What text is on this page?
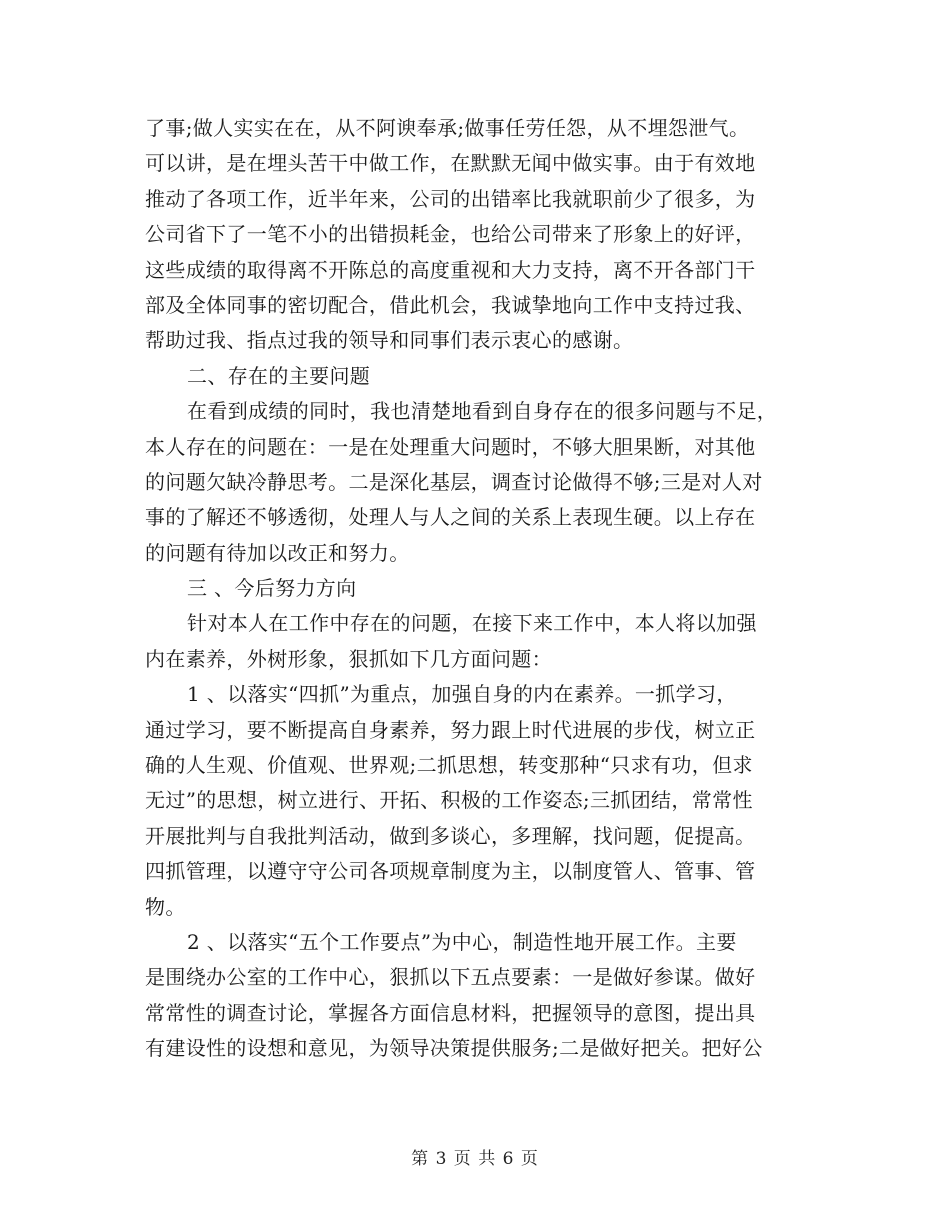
了事;做人实实在在，从不阿谀奉承;做事任劳任怨，从不埋怨泄气。
可以讲，是在埋头苦干中做工作，在默默无闻中做实事。由于有效地
推动了各项工作，近半年来，公司的出错率比我就职前少了很多，为
公司省下了一笔不小的出错损耗金，也给公司带来了形象上的好评，
这些成绩的取得离不开陈总的高度重视和大力支持，离不开各部门干
部及全体同事的密切配合，借此机会，我诚挚地向工作中支持过我、
帮助过我、指点过我的领导和同事们表示衷心的感谢。
二、存在的主要问题
在看到成绩的同时，我也清楚地看到自身存在的很多问题与不足，
本人存在的问题在：一是在处理重大问题时，不够大胆果断，对其他
的问题欠缺冷静思考。二是深化基层，调查讨论做得不够;三是对人对
事的了解还不够透彻，处理人与人之间的关系上表现生硬。以上存在
的问题有待加以改正和努力。
三 、今后努力方向
针对本人在工作中存在的问题，在接下来工作中，本人将以加强
内在素养，外树形象，狠抓如下几方面问题：
1 、以落实“四抓”为重点，加强自身的内在素养。一抓学习，
通过学习，要不断提高自身素养，努力跟上时代进展的步伐，树立正
确的人生观、价值观、世界观;二抓思想，转变那种“只求有功，但求
无过”的思想，树立进行、开拓、积极的工作姿态;三抓团结，常常性
开展批判与自我批判活动，做到多谈心，多理解，找问题，促提高。
四抓管理，以遵守守公司各项规章制度为主，以制度管人、管事、管
物。
2 、以落实“五个工作要点”为中心，制造性地开展工作。主要
是围绕办公室的工作中心，狠抓以下五点要素：一是做好参谋。做好
常常性的调查讨论，掌握各方面信息材料，把握领导的意图，提出具
有建设性的设想和意见，为领导决策提供服务;二是做好把关。把好公
第 3 页 共 6 页
